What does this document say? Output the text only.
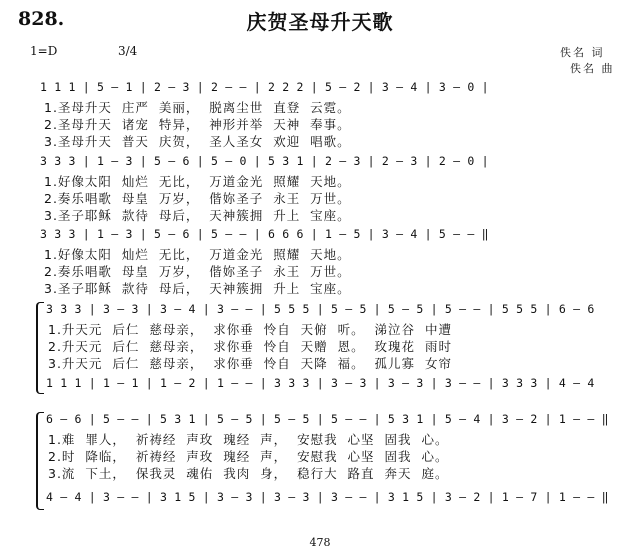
828.	庆贺圣母升天歌
1=D	3/4	佚名 词
佚名 曲
1 1 1 | 5 — 1 | 2 — 3 | 2 — — | 2 2 2 | 5 — 2 | 3 — 4 | 3 — 0 |
1.圣母升天  庄严  美丽，  脱离尘世  直登  云霓。
2.圣母升天  诸宠  特异，  神形并举  天神  奉事。
3.圣母升天  普天  庆贺，  圣人圣女  欢迎  唱歌。
3 3 3 | 1 — 3 | 5 — 6 | 5 — 0 | 5 3 1 | 2 — 3 | 2 — 3 | 2 — 0 |
1.好像太阳  灿烂  无比，  万道金光  照耀  天地。
2.奏乐唱歌  母皇  万岁，  偕妳圣子  永王  万世。
3.圣子耶稣  款待  母后，  天神簇拥  升上  宝座。
3 3 3 | 1 — 3 | 5 — 6 | 5 — — | 6 6 6 | 1 — 5 | 3 — 4 | 5 — — ‖
1.好像太阳  灿烂  无比，  万道金光  照耀  天地。
2.奏乐唱歌  母皇  万岁，  偕妳圣子  永王  万世。
3.圣子耶稣  款待  母后，  天神簇拥  升上  宝座。
3 3 3 | 3 — 3 | 3 — 4 | 3 — — | 5 5 5 | 5 — 5 | 5 — 5 | 5 — — | 5 5 5 | 6 — 6
1.升天元  后仁  慈母亲，  求你垂  怜自  天俯  听。  涕泣谷  中遭
2.升天元  后仁  慈母亲，  求你垂  怜自  天赠  恩。  玫瑰花  雨时
3.升天元  后仁  慈母亲，  求你垂  怜自  天降  福。  孤儿寡  女帘
1 1 1 | 1 — 1 | 1 — 2 | 1 — — | 3 3 3 | 3 — 3 | 3 — 3 | 3 — — | 3 3 3 | 4 — 4
6 — 6 | 5 — — | 5 3 1 | 5 — 5 | 5 — 5 | 5 — — | 5 3 1 | 5 — 4 | 3 — 2 | 1 — — ‖
1.难  罪人，  祈祷经  声玫  瑰经  声，  安慰我  心坚  固我  心。
2.时  降临，  祈祷经  声玫  瑰经  声，  安慰我  心坚  固我  心。
3.流  下土，  保我灵  魂佑  我肉  身，  稳行大  路直  奔天  庭。
4 — 4 | 3 — — | 3 1 5 | 3 — 3 | 3 — 3 | 3 — — | 3 1 5 | 3 — 2 | 1 — 7 | 1 — — ‖
478
